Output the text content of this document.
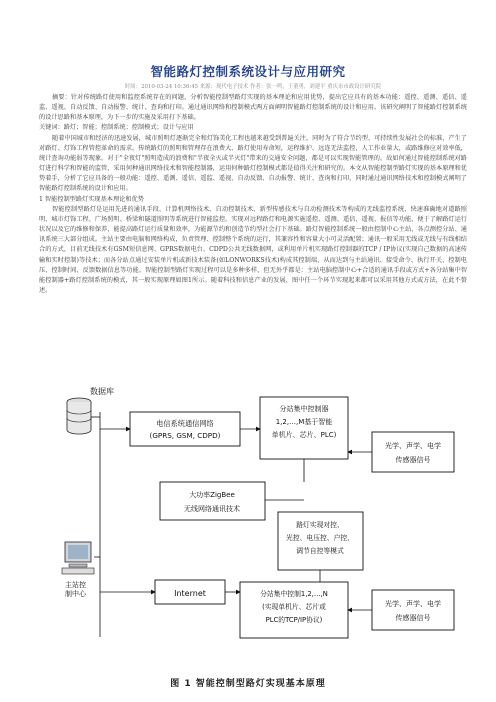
智能路灯控制系统设计与应用研究
时间：2010-03-24 10:36:45 来源：现代电子技术 作者：张一鸣，王董勇，刘建平 重庆市市政设计研究院

摘要：针对传统路灯使用和监控系统存在的问题，分析智能控制型路灯实现的基本理论和应用优势，提出它应具有的基本功能：遥控、遥测、遥信、遥监、遥视、自动反馈、自动报警、统计、查询和打印。通过通讯网络和控制模式两方面阐明智能路灯控制系统的设计和应用。该研究阐明了智能路灯控制系统的设计思路和基本原理，为下一步的实施及采用打下基础。

关键词：路灯；智能；控制系统；控制模式；设计与应用

随着中国城市和经济的迅速发展，城市照明灯逐渐完全和灯饰美化工程也越来越受到普遍关注，同时为了符合节约型、可持续性发展社会的标准，产生了对路灯、灯饰工程管控革命的需求。传统路灯的照明和管理存在浪费大、路灯使用寿命短，运程维护、远连无法监控，人工作业量大，或路维修应对效率低，统计查询功能弱等现象。对于"全夜灯"照明造成的浪费和"半夜全灭或半灭灯"带来的交通安全问题，都是可以实现智能管理的。故如何通过智能控制系统对路灯进行科学和智能的监管，采用何种通讯网络技术和智能控制器，运用何种路灯控制模式都是值得关注和研究的。本文从智能控制型路灯实现的基本原理和优势着手，分析了它应具备的一般功能：遥控、遥测、遥信、遥监、遥视、自动反馈、自动报警、统计、查询和打印，同时通过通讯网络技术和控制模式阐明了智能路灯控制系统的设计和应用。

1 智能控制型路灯实现基本理论和优势

智能控制型路灯是运用先进的通讯手段、计算机网络技术、自动控制技术、新型传感技术与自动检测技术等构成的无线监控系统，快速准确地对道路照明、城市灯饰工程、广场照明、桥梁和隧道照明等系统进行智能监控。实现对远程路灯和电源实施遥控、遥测、遥信、遥视、报信等功能，便于了解路灯运行状况以及它的维修和保养，能提高路灯运行质量和效率，为能源节约和创造节约型社会打下基础。路灯智能控制系统一般由控制中心主站、各点测控分站、通讯系统三大部分组成。主站主要由电脑和网络构成，负责管理、控制整个系统的运行，其兼容性和容量大小可灵活配置；通讯一般采用无线或无线与有线相结合的方式，目前无线技术有GSM短信息网、GPRS数据电台、CDPD公共无线数据网，或利用单片机实现路灯控制器的TCP / IP协议(实现自己数据的高速传输和实时控制)等技术；而各分站点通过安装单片机或新技术装备(如LONWORKS技术)构成其控制端，从而达到与主站通讯、接受命令、执行开关、控制电压、控制时间、反馈数据信息等功能。智能控制型路灯实现过程可以是多种多样，但无外乎都是：主站电脑控制中心+合适的通讯手段或方式+各分站集中智能控制器+路灯控制系统的模式，其一般实现原理如图1所示。随着科技和信息产业的发展，图中任一个环节实现起来都可以采用其他方式或方法，在此不赘述。

数据库
主站控 制中心
电信系统通信网络
(GPRS, GSM, CDPD)
分站集中控制器
1,2,…,M基于智能
单机片、芯片、PLC)
大功率ZigBee
无线网络通讯技术
路灯实现对控、
光控、电压控、户控、
调节自控等模式
Internet	分站集中控制1,2,…,N
(实现单机片、芯片或
PLC的TCP/IP协议)
光学、声学、电学
传感器信号
光学、声学、电学
传感器信号
图 1 智能控制型路灯实现基本原理
